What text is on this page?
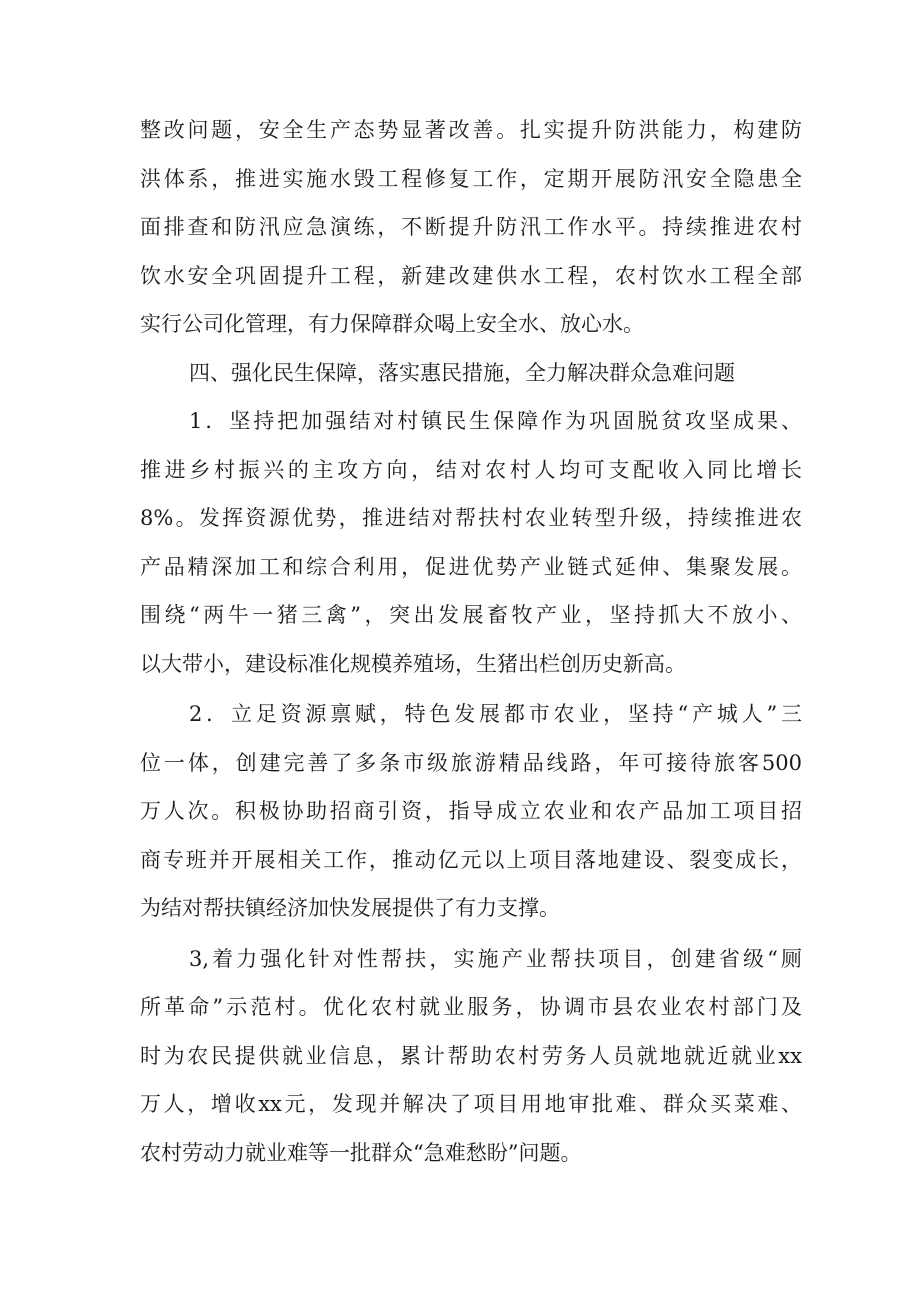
整改问题，安全生产态势显著改善。扎实提升防洪能力，构建防
洪体系，推进实施水毁工程修复工作，定期开展防汛安全隐患全
面排查和防汛应急演练，不断提升防汛工作水平。持续推进农村
饮水安全巩固提升工程，新建改建供水工程，农村饮水工程全部
实行公司化管理，有力保障群众喝上安全水、放心水。
四、强化民生保障，落实惠民措施，全力解决群众急难问题
1．坚持把加强结对村镇民生保障作为巩固脱贫攻坚成果、
推进乡村振兴的主攻方向，结对农村人均可支配收入同比增长
8%。发挥资源优势，推进结对帮扶村农业转型升级，持续推进农
产品精深加工和综合利用，促进优势产业链式延伸、集聚发展。
围绕“两牛一猪三禽”，突出发展畜牧产业，坚持抓大不放小、
以大带小，建设标准化规模养殖场，生猪出栏创历史新高。
2．立足资源禀赋，特色发展都市农业，坚持“产城人”三
位一体，创建完善了多条市级旅游精品线路，年可接待旅客500
万人次。积极协助招商引资，指导成立农业和农产品加工项目招
商专班并开展相关工作，推动亿元以上项目落地建设、裂变成长，
为结对帮扶镇经济加快发展提供了有力支撑。
3,着力强化针对性帮扶，实施产业帮扶项目，创建省级“厕
所革命”示范村。优化农村就业服务，协调市县农业农村部门及
时为农民提供就业信息，累计帮助农村劳务人员就地就近就业xx
万人，增收xx元，发现并解决了项目用地审批难、群众买菜难、
农村劳动力就业难等一批群众“急难愁盼”问题。
